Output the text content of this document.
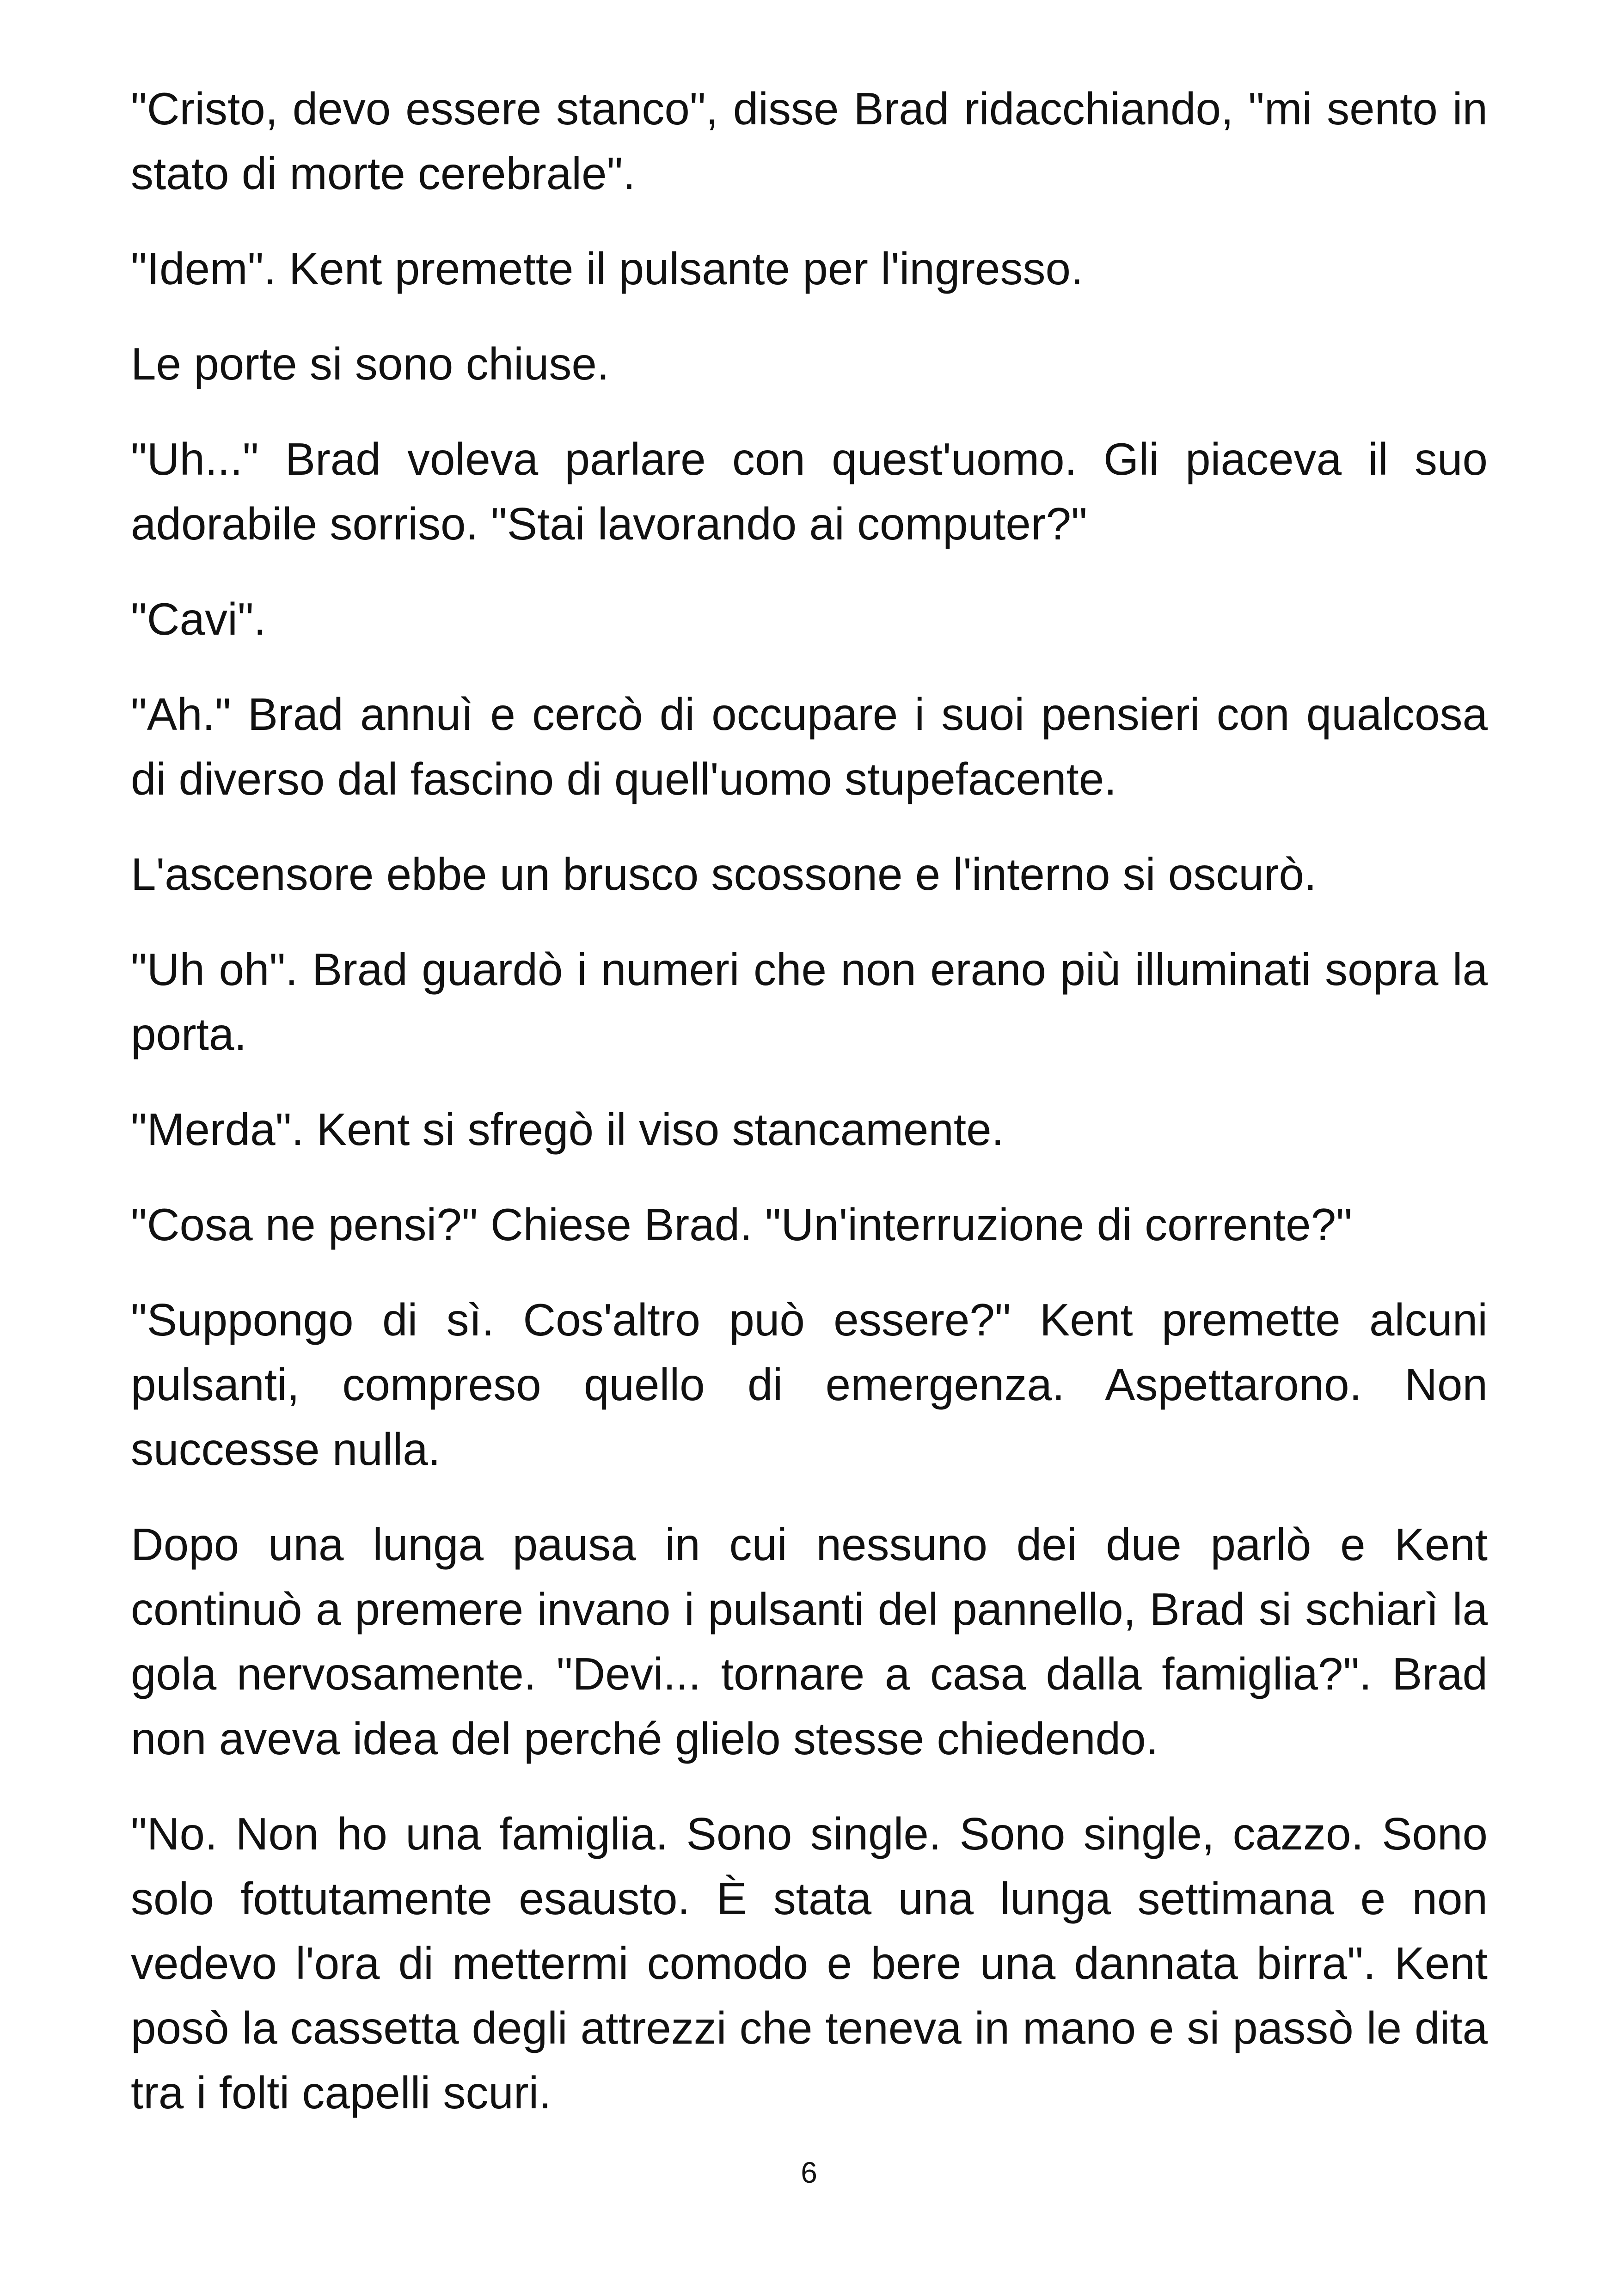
"Cristo, devo essere stanco", disse Brad ridacchiando, "mi sento in stato di morte cerebrale".

"Idem". Kent premette il pulsante per l'ingresso.

Le porte si sono chiuse.

"Uh..." Brad voleva parlare con quest'uomo. Gli piaceva il suo adorabile sorriso. "Stai lavorando ai computer?"

"Cavi".

"Ah." Brad annuì e cercò di occupare i suoi pensieri con qualcosa di diverso dal fascino di quell'uomo stupefacente.

L'ascensore ebbe un brusco scossone e l'interno si oscurò.

"Uh oh". Brad guardò i numeri che non erano più illuminati sopra la porta.

"Merda". Kent si sfregò il viso stancamente.

"Cosa ne pensi?" Chiese Brad. "Un'interruzione di corrente?"

"Suppongo di sì. Cos'altro può essere?" Kent premette alcuni pulsanti, compreso quello di emergenza. Aspettarono. Non successe nulla.

Dopo una lunga pausa in cui nessuno dei due parlò e Kent continuò a premere invano i pulsanti del pannello, Brad si schiarì la gola nervosamente. "Devi... tornare a casa dalla famiglia?". Brad non aveva idea del perché glielo stesse chiedendo.

"No. Non ho una famiglia. Sono single. Sono single, cazzo. Sono solo fottutamente esausto. È stata una lunga settimana e non vedevo l'ora di mettermi comodo e bere una dannata birra". Kent posò la cassetta degli attrezzi che teneva in mano e si passò le dita tra i folti capelli scuri.

6
